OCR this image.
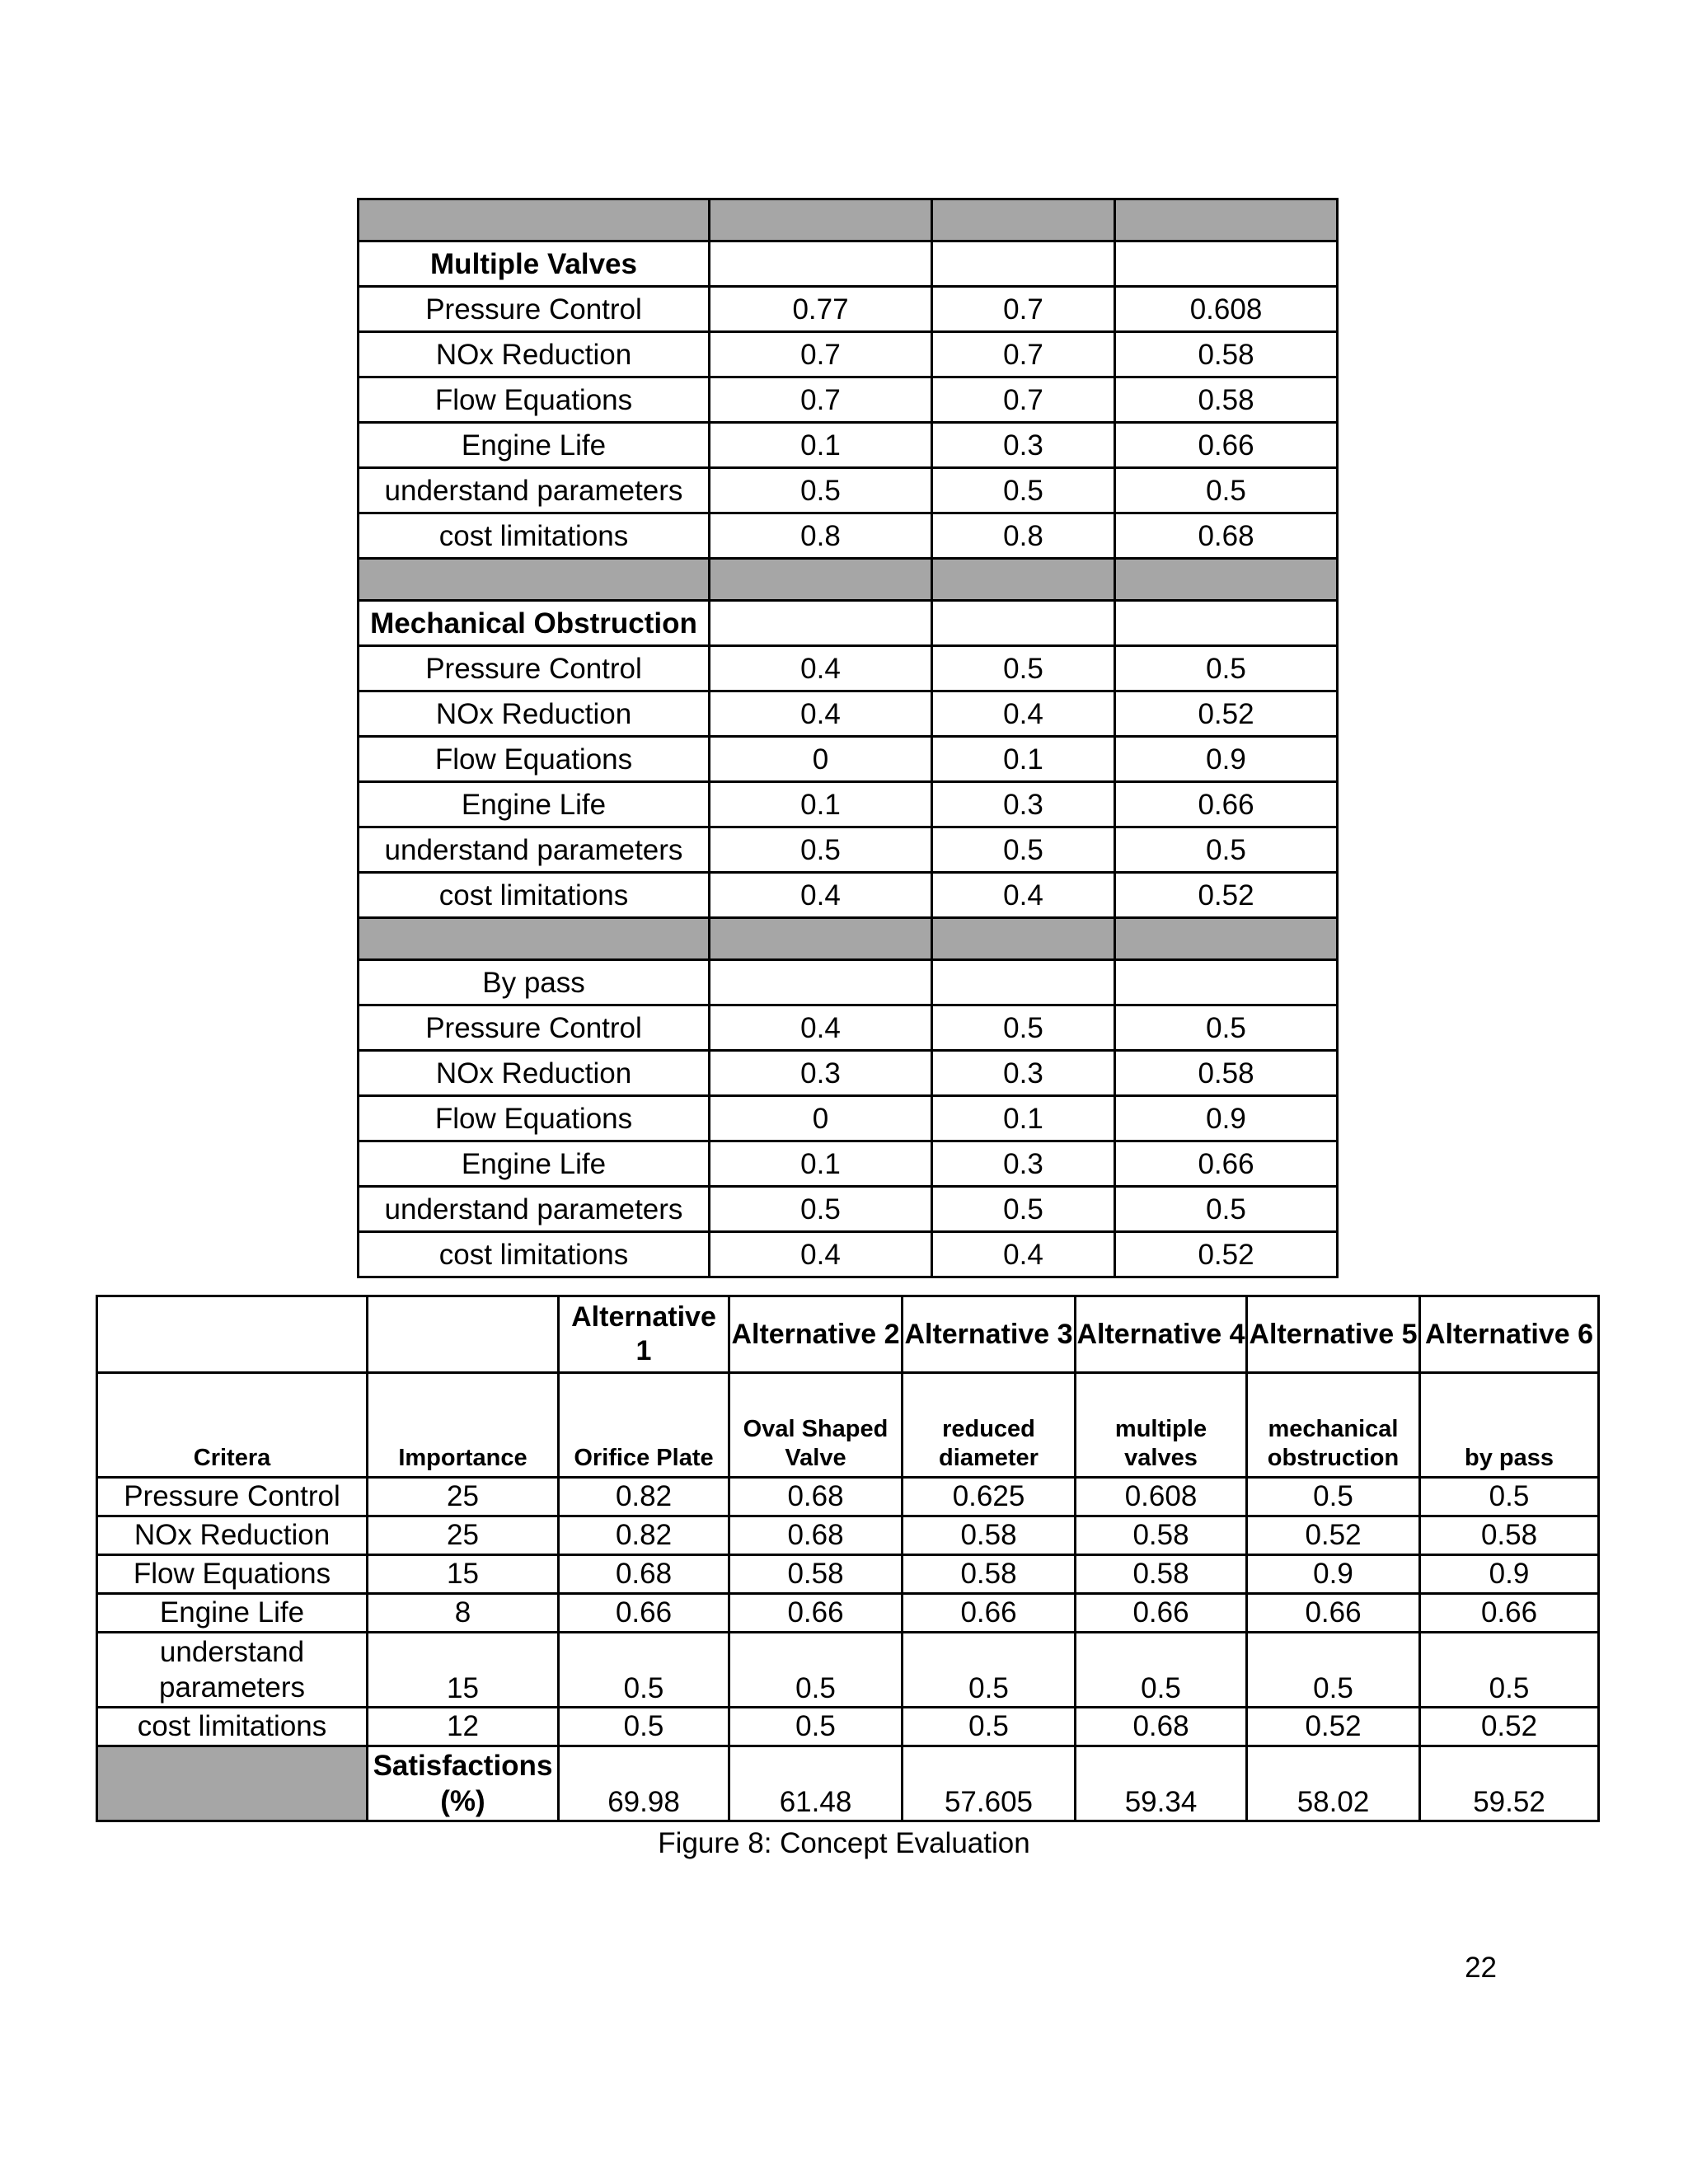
Multiple Valves			
Pressure Control	0.77	0.7	0.608
NOx Reduction	0.7	0.7	0.58
Flow Equations	0.7	0.7	0.58
Engine Life	0.1	0.3	0.66
understand parameters	0.5	0.5	0.5
cost limitations	0.8	0.8	0.68

Mechanical Obstruction			
Pressure Control	0.4	0.5	0.5
NOx Reduction	0.4	0.4	0.52
Flow Equations	0	0.1	0.9
Engine Life	0.1	0.3	0.66
understand parameters	0.5	0.5	0.5
cost limitations	0.4	0.4	0.52

By pass			
Pressure Control	0.4	0.5	0.5
NOx Reduction	0.3	0.3	0.58
Flow Equations	0	0.1	0.9
Engine Life	0.1	0.3	0.66
understand parameters	0.5	0.5	0.5
cost limitations	0.4	0.4	0.52
		Alternative 1	Alternative 2	Alternative 3	Alternative 4	Alternative 5	Alternative 6
Critera	Importance	Orifice Plate	Oval Shaped Valve	reduced diameter	multiple valves	mechanical obstruction	by pass
Pressure Control	25	0.82	0.68	0.625	0.608	0.5	0.5
NOx Reduction	25	0.82	0.68	0.58	0.58	0.52	0.58
Flow Equations	15	0.68	0.58	0.58	0.58	0.9	0.9
Engine Life	8	0.66	0.66	0.66	0.66	0.66	0.66
understand parameters	15	0.5	0.5	0.5	0.5	0.5	0.5
cost limitations	12	0.5	0.5	0.5	0.68	0.52	0.52
	Satisfactions (%)	69.98	61.48	57.605	59.34	58.02	59.52
Figure 8: Concept Evaluation
22
